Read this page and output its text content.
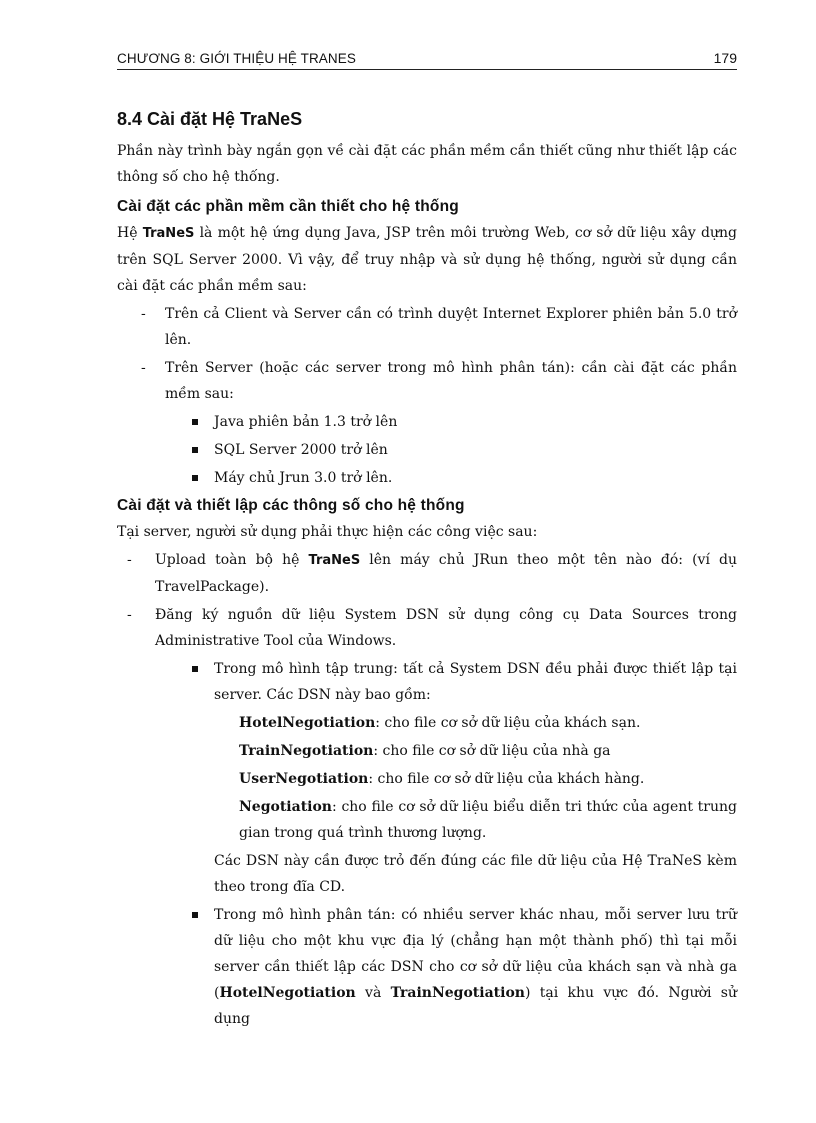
CHƯƠNG 8: GIỚI THIỆU HỆ TRANES	179
8.4 Cài đặt Hệ TraNeS

Phần này trình bày ngắn gọn về cài đặt các phần mềm cần thiết cũng như thiết lập các thông số cho hệ thống.

Cài đặt các phần mềm cần thiết cho hệ thống

Hệ TraNeS là một hệ ứng dụng Java, JSP trên môi trường Web, cơ sở dữ liệu xây dựng trên SQL Server 2000. Vì vậy, để truy nhập và sử dụng hệ thống, người sử dụng cần cài đặt các phần mềm sau:

- Trên cả Client và Server cần có trình duyệt Internet Explorer phiên bản 5.0 trở lên.
- Trên Server (hoặc các server trong mô hình phân tán): cần cài đặt các phần mềm sau:
Java phiên bản 1.3 trở lên
SQL Server 2000 trở lên
Máy chủ Jrun 3.0 trở lên.
Cài đặt và thiết lập các thông số cho hệ thống

Tại server, người sử dụng phải thực hiện các công việc sau:

- Upload toàn bộ hệ TraNeS lên máy chủ JRun theo một tên nào đó: (ví dụ TravelPackage).
- Đăng ký nguồn dữ liệu System DSN sử dụng công cụ Data Sources trong Administrative Tool của Windows.
Trong mô hình tập trung: tất cả System DSN đều phải được thiết lập tại server. Các DSN này bao gồm:

HotelNegotiation: cho file cơ sở dữ liệu của khách sạn.

TrainNegotiation: cho file cơ sở dữ liệu của nhà ga

UserNegotiation: cho file cơ sở dữ liệu của khách hàng.

Negotiation: cho file cơ sở dữ liệu biểu diễn tri thức của agent trung gian trong quá trình thương lượng.

Các DSN này cần được trỏ đến đúng các file dữ liệu của Hệ TraNeS kèm theo trong đĩa CD.

Trong mô hình phân tán: có nhiều server khác nhau, mỗi server lưu trữ dữ liệu cho một khu vực địa lý (chẳng hạn một thành phố) thì tại mỗi server cần thiết lập các DSN cho cơ sở dữ liệu của khách sạn và nhà ga (HotelNegotiation và TrainNegotiation) tại khu vực đó. Người sử dụng
